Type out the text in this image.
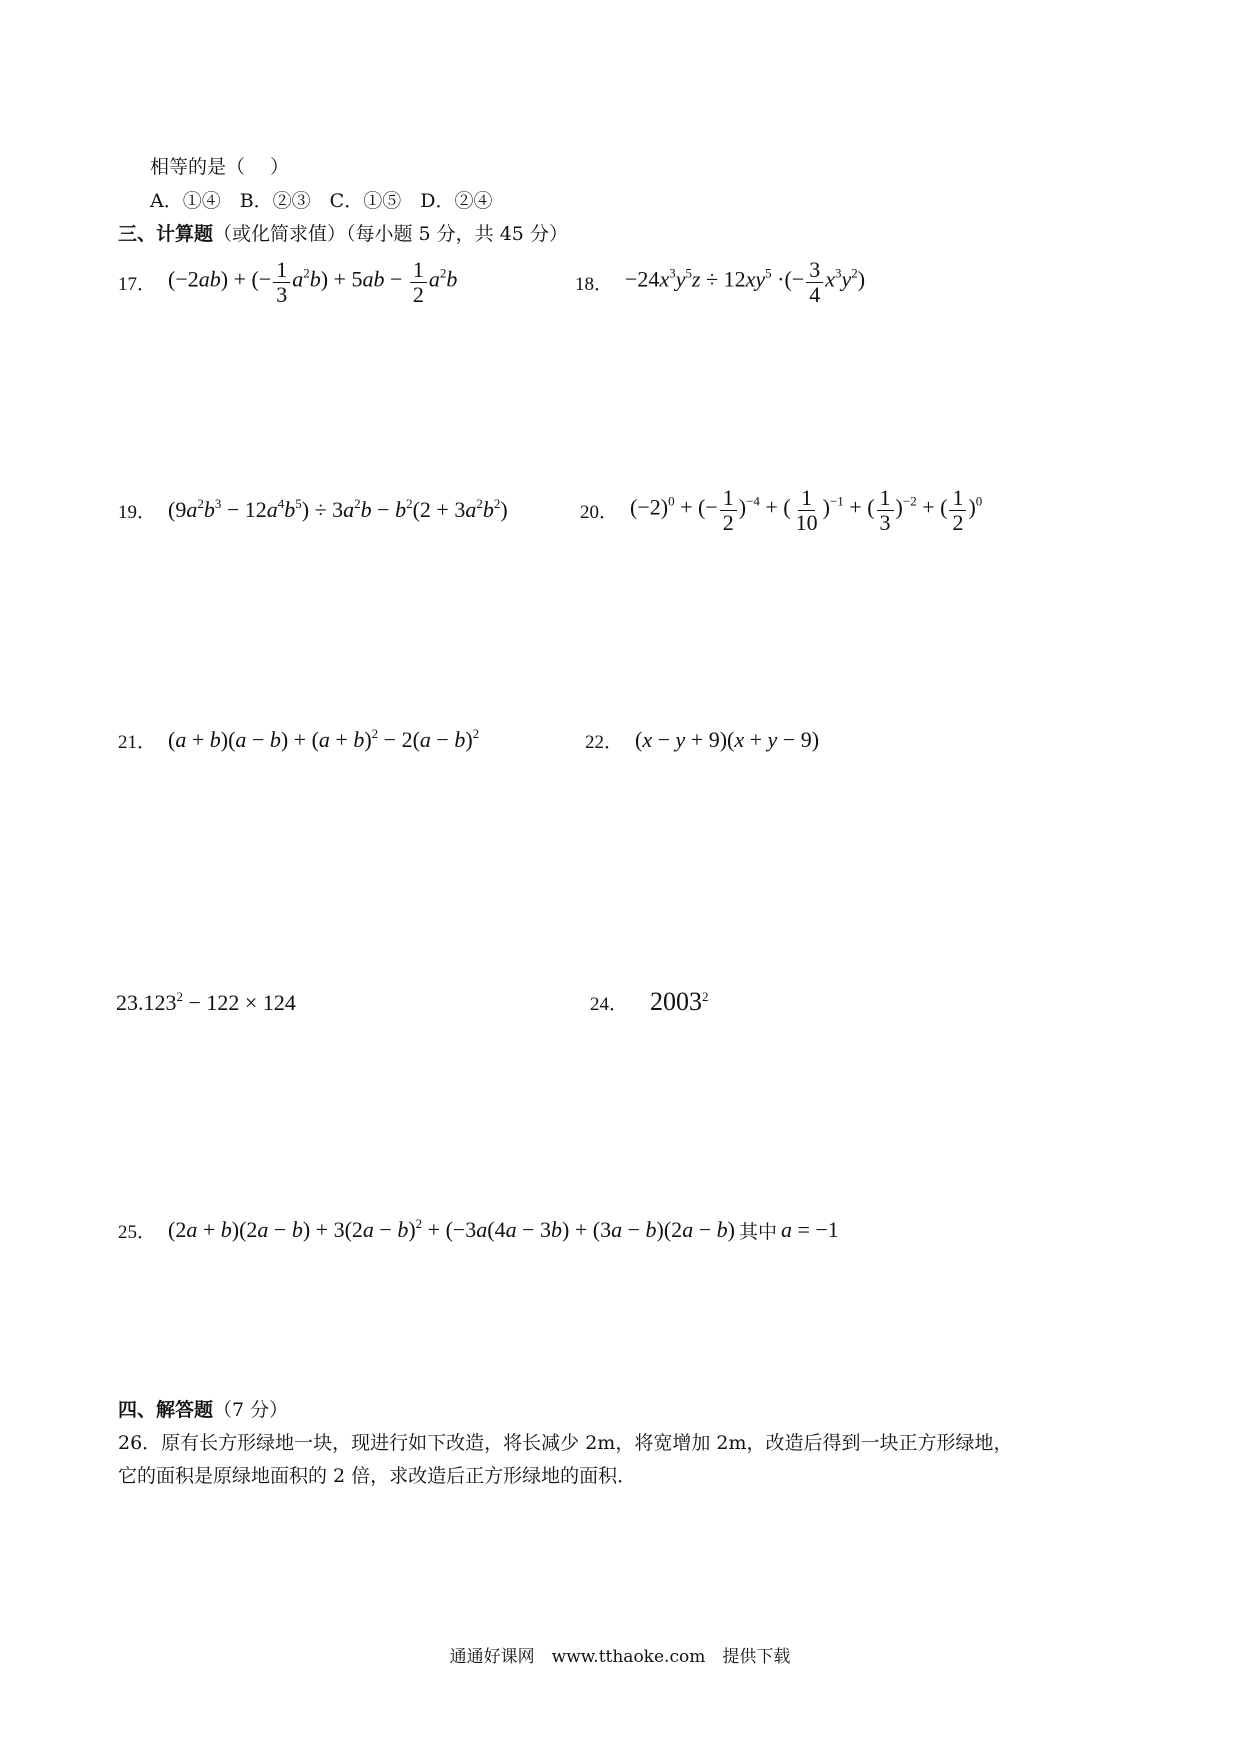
相等的是（　 ）
A．①④　B．②③　C．①⑤　D．②④
三、计算题（或化简求值）（每小题 5 分，共 45 分）
17． (−2ab) + (− $\frac{1}{3} a^2b) + 5ab - \frac{1}{2} a^2b$	18． $-24x^3y^5z \div 12xy^5$ ·(− $\frac{3}{4} x^3y^2$)
19． $(9a^2b^3 - 12a^4b^5) \div 3a^2b - b^2(2 + 3a^2b^2)$	20． $(-2)^0$ + (− $\frac{1}{2} )^{-4}$ + ( $\frac{1}{10} )^{-1}$ + ( $\frac{1}{3} )^{-2}$ + ( $\frac{1}{2} )^0$
21． $(a + b)(a - b) + (a + b)^2 - 2(a - b)^2$	22． (x − y + 9)(x + y − 9)
23. $123^2 - 122 \times 124$	24． 2003$^2$
25． $(2a + b)(2a - b) + 3(2a - b)^2 + (-3a(4a - 3b) + (3a - b)(2a - b)$ 其中 a = −1
四、解答题（7 分）
26．原有长方形绿地一块，现进行如下改造，将长减少 2m，将宽增加 2m，改造后得到一块正方形绿地，
它的面积是原绿地面积的 2 倍，求改造后正方形绿地的面积．
通通好课网　www.tthaoke.com　提供下载
